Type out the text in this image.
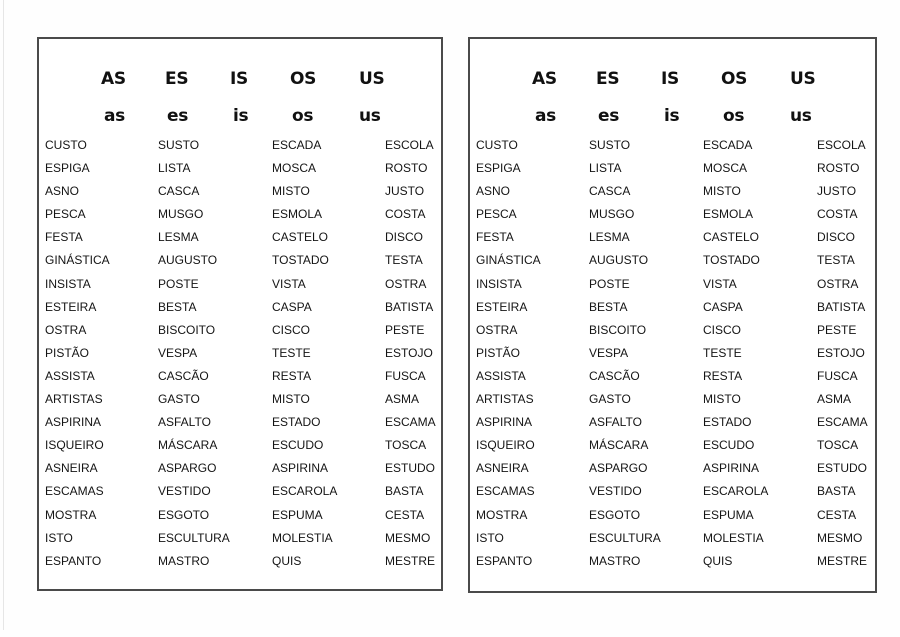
AS ES IS OS	US
as es	is	os	us
CUSTO	SUSTO	ESCADA	ESCOLA
ESPIGA	LISTA	MOSCA	ROSTO
ASNO	CASCA	MISTO	JUSTO
PESCA	MUSGO	ESMOLA	COSTA
FESTA	LESMA	CASTELO	DISCO
GINÁSTICA	AUGUSTO	TOSTADO	TESTA
INSISTA	POSTE	VISTA	OSTRA
ESTEIRA	BESTA	CASPA	BATISTA
OSTRA	BISCOITO	CISCO	PESTE
PISTÃO	VESPA	TESTE	ESTOJO
ASSISTA	CASCÃO	RESTA	FUSCA
ARTISTAS	GASTO	MISTO	ASMA
ASPIRINA	ASFALTO	ESTADO	ESCAMA
ISQUEIRO	MÁSCARA	ESCUDO	TOSCA
ASNEIRA	ASPARGO	ASPIRINA	ESTUDO
ESCAMAS	VESTIDO	ESCAROLA	BASTA
MOSTRA	ESGOTO	ESPUMA	CESTA
ISTO	ESCULTURA	MOLESTIA	MESMO
ESPANTO	MASTRO	QUIS	MESTRE
AS ES IS OS	US
as es	is	os	us
CUSTO	SUSTO	ESCADA	ESCOLA
ESPIGA	LISTA	MOSCA	ROSTO
ASNO	CASCA	MISTO	JUSTO
PESCA	MUSGO	ESMOLA	COSTA
FESTA	LESMA	CASTELO	DISCO
GINÁSTICA	AUGUSTO	TOSTADO	TESTA
INSISTA	POSTE	VISTA	OSTRA
ESTEIRA	BESTA	CASPA	BATISTA
OSTRA	BISCOITO	CISCO	PESTE
PISTÃO	VESPA	TESTE	ESTOJO
ASSISTA	CASCÃO	RESTA	FUSCA
ARTISTAS	GASTO	MISTO	ASMA
ASPIRINA	ASFALTO	ESTADO	ESCAMA
ISQUEIRO	MÁSCARA	ESCUDO	TOSCA
ASNEIRA	ASPARGO	ASPIRINA	ESTUDO
ESCAMAS	VESTIDO	ESCAROLA	BASTA
MOSTRA	ESGOTO	ESPUMA	CESTA
ISTO	ESCULTURA	MOLESTIA	MESMO
ESPANTO	MASTRO	QUIS	MESTRE
